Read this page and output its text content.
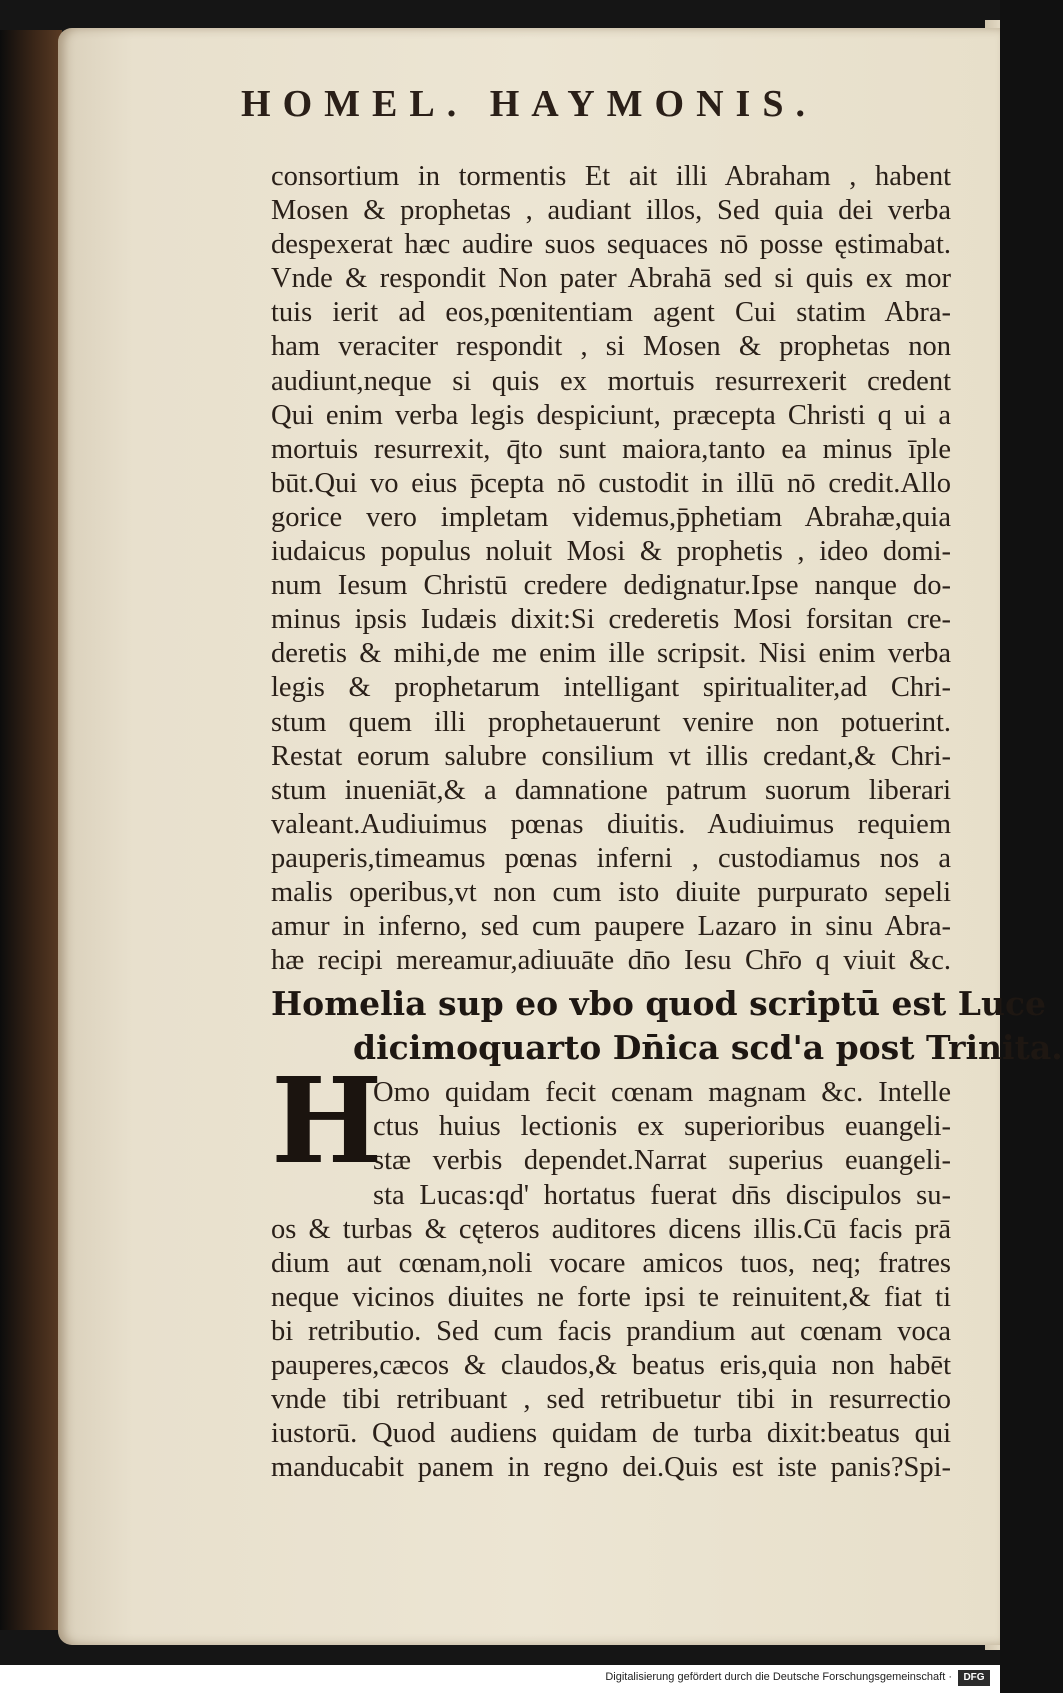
HOMEL. HAYMONIS.
consortium in tormentis Et ait illi Abraham , habent
Mosen & prophetas , audiant illos, Sed quia dei verba
despexerat hæc audire suos sequaces nō posse ęstimabat.
Vnde & respondit Non pater Abrahā sed si quis ex mor
tuis ierit ad eos,pœnitentiam agent Cui statim Abra-
ham veraciter respondit , si Mosen & prophetas non
audiunt,neque si quis ex mortuis resurrexerit credent
Qui enim verba legis despiciunt, præcepta Christi q ui a
mortuis resurrexit, q̄to sunt maiora,tanto ea minus īple
būt.Qui vo eius p̄cepta nō custodit in illū nō credit.Allo
gorice vero impletam videmus,p̄phetiam Abrahæ,quia
iudaicus populus noluit Mosi & prophetis , ideo domi-
num Iesum Christū credere dedignatur.Ipse nanque do-
minus ipsis Iudæis dixit:Si crederetis Mosi forsitan cre-
deretis & mihi,de me enim ille scripsit. Nisi enim verba
legis & prophetarum intelligant spiritualiter,ad Chri-
stum quem illi prophetauerunt venire non potuerint.
Restat eorum salubre consilium vt illis credant,& Chri-
stum inueniāt,& a damnatione patrum suorum liberari
valeant.Audiuimus pœnas diuitis. Audiuimus requiem
pauperis,timeamus pœnas inferni , custodiamus nos a
malis operibus,vt non cum isto diuite purpurato sepeli
amur in inferno, sed cum paupere Lazaro in sinu Abra-
hæ recipi mereamur,adiuuāte dn̄o Iesu Chr̄o q viuit &c.
Homelia sup eo vbo quod scriptū est Luce
dicimoquarto Dn̄ica scd'a post Trinita.
H
Omo quidam fecit cœnam magnam &c. Intelle
ctus huius lectionis ex superioribus euangeli-
stæ verbis dependet.Narrat superius euangeli-
sta Lucas:qd' hortatus fuerat dn̄s discipulos su-
os & turbas & cęteros auditores dicens illis.Cū facis prā
dium aut cœnam,noli vocare amicos tuos, neq; fratres
neque vicinos diuites ne forte ipsi te reinuitent,& fiat ti
bi retributio. Sed cum facis prandium aut cœnam voca
pauperes,cæcos & claudos,& beatus eris,quia non habēt
vnde tibi retribuant , sed retribuetur tibi in resurrectio
iustorū. Quod audiens quidam de turba dixit:beatus qui
manducabit panem in regno dei.Quis est iste panis?Spi-
Digitalisierung gefördert durch die Deutsche Forschungsgemeinschaft ·	DFG
